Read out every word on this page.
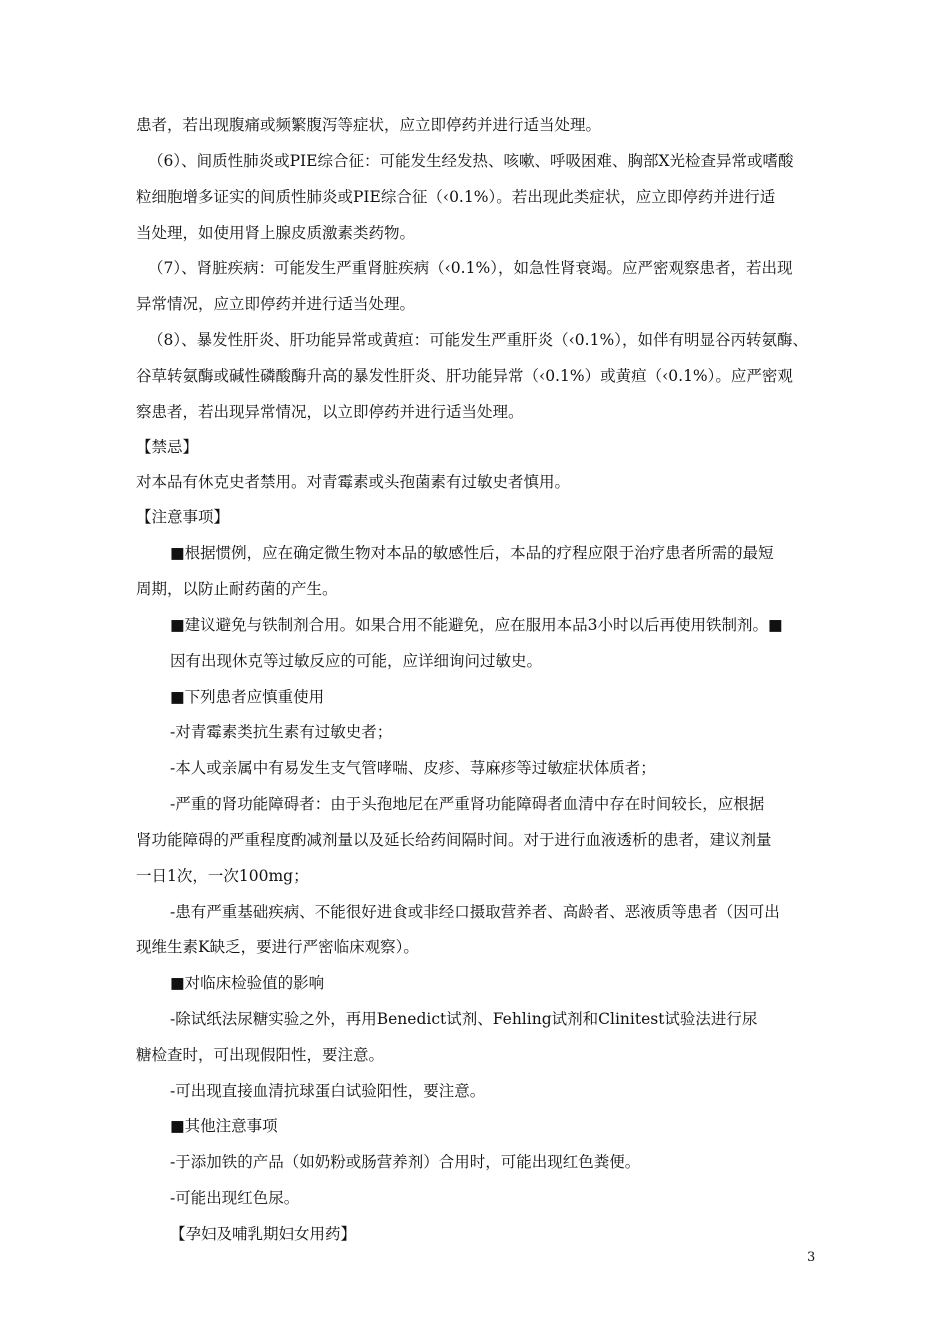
患者，若出现腹痛或频繁腹泻等症状，应立即停药并进行适当处理。
（6）、间质性肺炎或PIE综合征：可能发生经发热、咳嗽、呼吸困难、胸部X光检查异常或嗜酸
粒细胞增多证实的间质性肺炎或PIE综合征（‹0.1%）。若出现此类症状，应立即停药并进行适
当处理，如使用肾上腺皮质激素类药物。
（7）、肾脏疾病：可能发生严重肾脏疾病（‹0.1%），如急性肾衰竭。应严密观察患者，若出现
异常情况，应立即停药并进行适当处理。
（8）、暴发性肝炎、肝功能异常或黄疸：可能发生严重肝炎（‹0.1%），如伴有明显谷丙转氨酶、
谷草转氨酶或碱性磷酸酶升高的暴发性肝炎、肝功能异常（‹0.1%）或黄疸（‹0.1%）。应严密观
察患者，若出现异常情况，以立即停药并进行适当处理。
【禁忌】
对本品有休克史者禁用。对青霉素或头孢菌素有过敏史者慎用。
【注意事项】
■根据惯例，应在确定微生物对本品的敏感性后，本品的疗程应限于治疗患者所需的最短
周期，以防止耐药菌的产生。
■建议避免与铁制剂合用。如果合用不能避免，应在服用本品3小时以后再使用铁制剂。■
因有出现休克等过敏反应的可能，应详细询问过敏史。
■下列患者应慎重使用
-对青霉素类抗生素有过敏史者；
-本人或亲属中有易发生支气管哮喘、皮疹、荨麻疹等过敏症状体质者；
-严重的肾功能障碍者：由于头孢地尼在严重肾功能障碍者血清中存在时间较长，应根据
肾功能障碍的严重程度酌减剂量以及延长给药间隔时间。对于进行血液透析的患者，建议剂量
一日1次，一次100mg；
-患有严重基础疾病、不能很好进食或非经口摄取营养者、高龄者、恶液质等患者（因可出
现维生素K缺乏，要进行严密临床观察）。
■对临床检验值的影响
-除试纸法尿糖实验之外，再用Benedict试剂、Fehling试剂和Clinitest试验法进行尿
糖检查时，可出现假阳性，要注意。
-可出现直接血清抗球蛋白试验阳性，要注意。
■其他注意事项
-于添加铁的产品（如奶粉或肠营养剂）合用时，可能出现红色粪便。
-可能出现红色尿。
【孕妇及哺乳期妇女用药】
3
